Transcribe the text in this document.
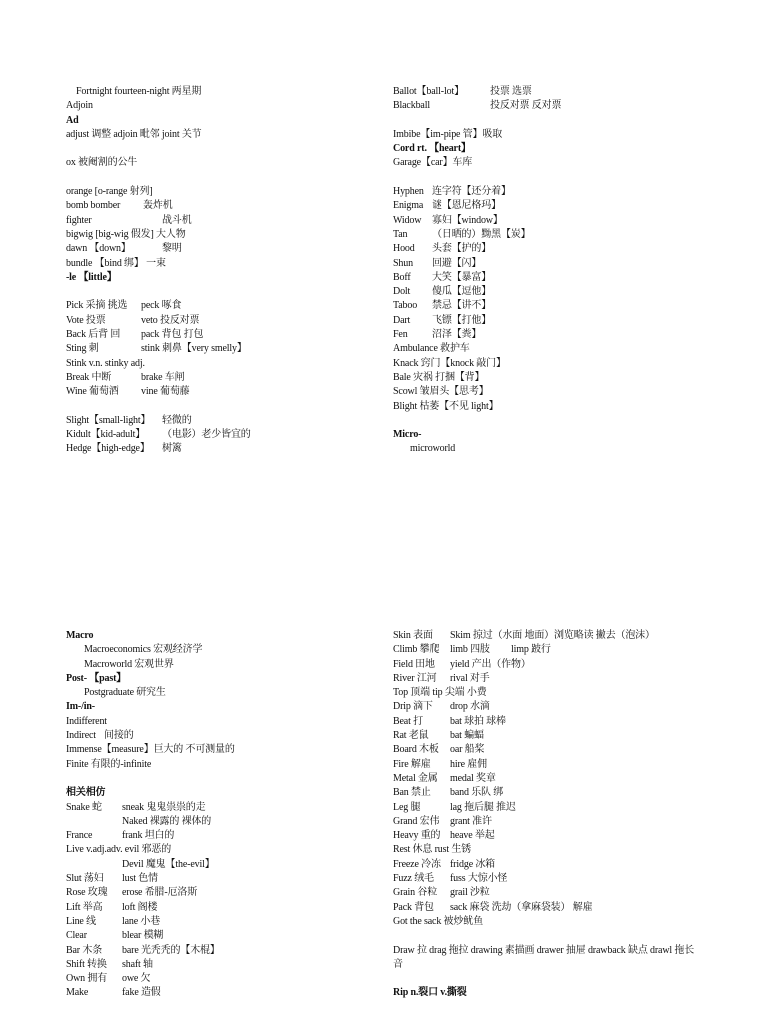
Fortnight fourteen-night 两星期
Adjoin
Ad
adjust 调整 adjoin 毗邻 joint 关节
ox 被阉割的公牛
orange [o-range 射列]
bomb bomber 轰炸机
fighter	战斗机
bigwig [big-wig 假发] 大人物
dawn 【down】	黎明
bundle 【bind 绑】 一束
-le 【little】
Pick 采摘 挑选 peck 啄食
Vote 投票	veto 投反对票
Back 后背 回 pack 背包 打包
Sting 刺	stink 刺鼻【very smelly】
Stink v.n. stinky adj.
Break 中断	brake 车闸
Wine 葡萄酒 vine 葡萄藤
Slight【small-light】 轻微的
Kidult【kid-adult】 （电影）老少皆宜的
Hedge【high-edge】 树篱
Ballot【ball-lot】	投票 选票
Blackball	投反对票 反对票
Imbibe【im-pipe 管】吸取
Cord rt. 【heart】
Garage【car】车库
Hyphen 连字符【还分着】
Enigma 谜【恩尼格玛】
Widow 寡妇【window】
Tan （日晒的）黝黑【炭】
Hood 头套【护的】
Shun 回避【闪】
Boff 大笑【暴富】
Dolt 傻瓜【逗他】
Taboo 禁忌【讲不】
Dart 飞镖【打他】
Fen 沼泽【粪】
Ambulance 救护车
Knack 窍门【knock 敲门】
Bale 灾祸 打捆【背】
Scowl 皱眉头【思考】
Blight 枯萎【不见 light】
Micro-
microworld
Macro
Macroeconomics 宏观经济学
Macroworld 宏观世界
Post- 【past】
Postgraduate 研究生
Im-/in-
Indifferent
Indirect 间接的
Immense【measure】巨大的 不可测量的
Finite 有限的-infinite
相关相仿
Snake 蛇 sneak 鬼鬼祟祟的走
Naked 裸露的 裸体的
France	frank 坦白的
Live v.adj.adv. evil 邪恶的
Devil 魔鬼【the-evil】
Slut 荡妇 lust 色情
Rose 玫瑰 erose 希腊-厄洛斯
Lift 举高 loft 阁楼
Line 线	lane 小巷
Clear	blear 模糊
Bar 木条 bare 光秃秃的【木棍】
Shift 转换 shaft 轴
Own 拥有 owe 欠
Make	fake 造假
Skin 表面 Skim 掠过（水面 地面）浏览略读 撇去（泡沫）
Climb 攀爬 limb 四肢 limp 跛行
Field 田地 yield 产出（作物）
River 江河 rival 对手
Top 顶端 tip 尖端 小费
Drip 滴下 drop 水滴
Beat 打	bat 球拍 球棒
Rat 老鼠 bat 蝙蝠
Board 木板 oar 船桨
Fire 解雇 hire 雇佣
Metal 金属 medal 奖章
Ban 禁止 band 乐队 绑
Leg 腿	lag 拖后腿 推迟
Grand 宏伟 grant 准许
Heavy 重的 heave 举起
Rest 休息 rust 生锈
Freeze 冷冻 fridge 冰箱
Fuzz 绒毛 fuss 大惊小怪
Grain 谷粒 grail 沙粒
Pack 背包 sack 麻袋 洗劫（拿麻袋装） 解雇
Got the sack 被炒鱿鱼
Draw 拉 drag 拖拉 drawing 素描画 drawer 抽屉 drawback 缺点 drawl 拖长
音
Rip n.裂口 v.撕裂
